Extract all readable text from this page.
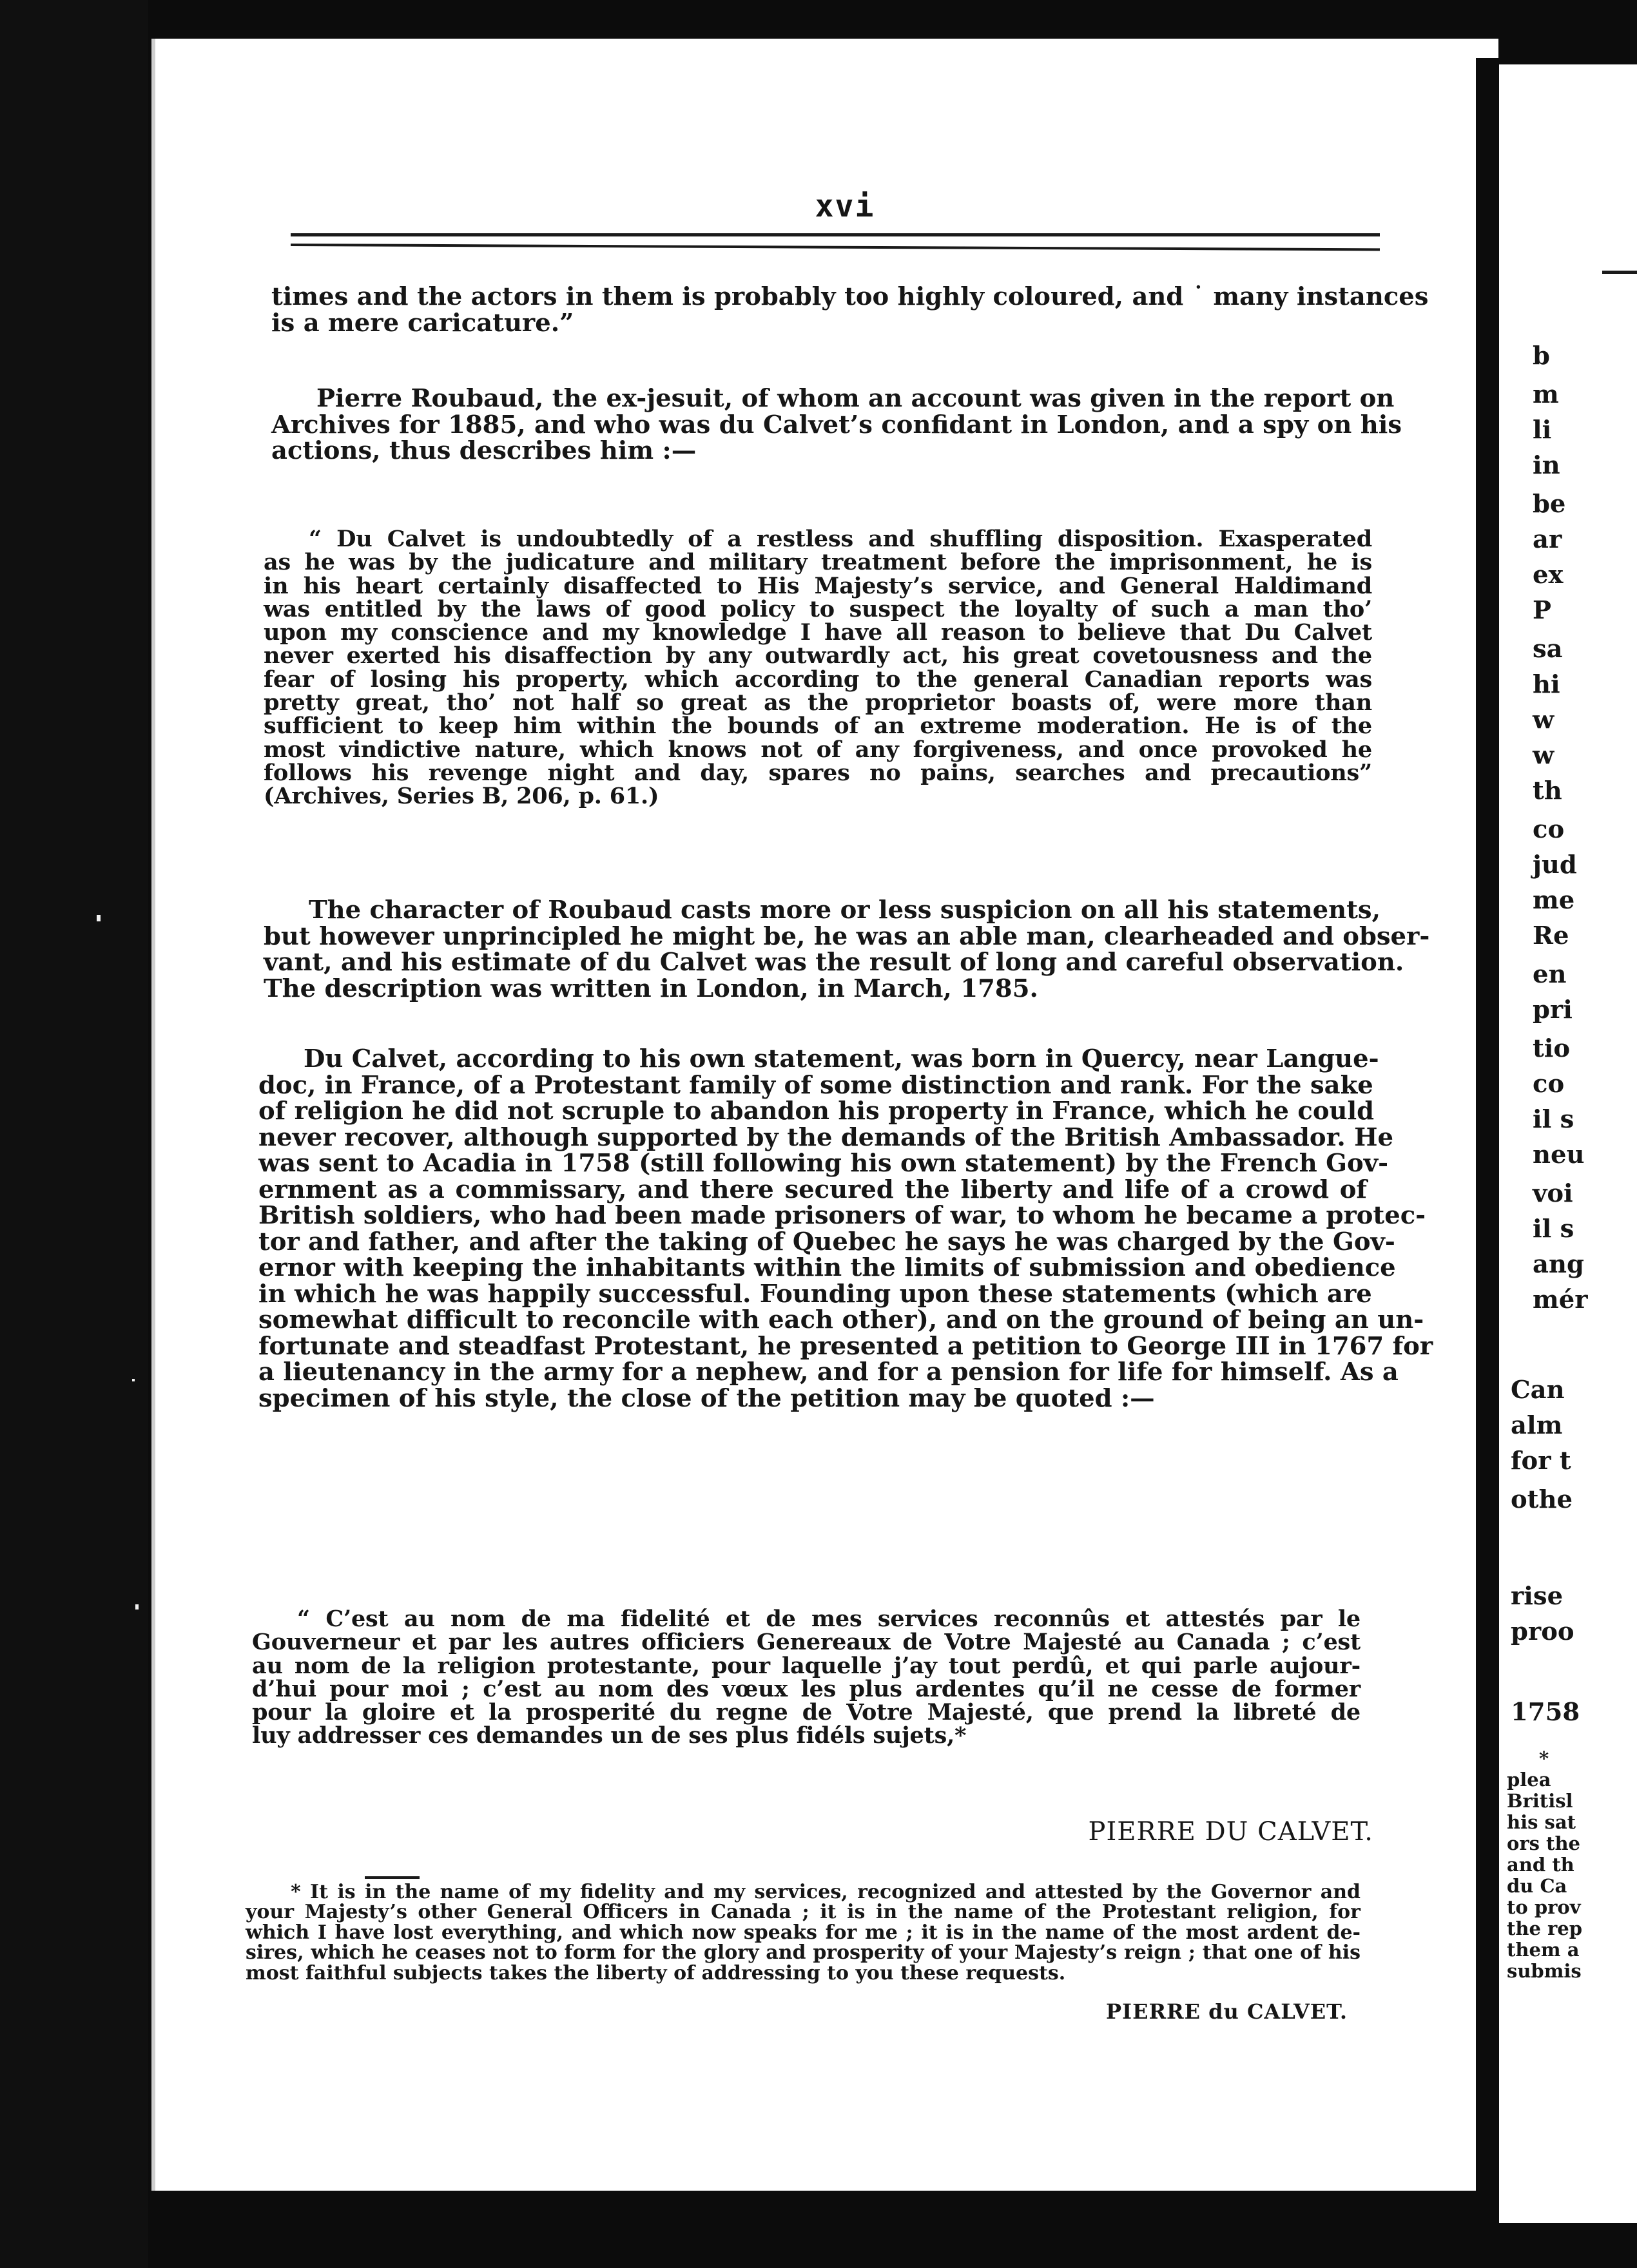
xvi
times and the actors in them is probably too highly coloured, and ˙ many instances
is a mere caricature.”
Pierre Roubaud, the ex-jesuit, of whom an account was given in the report on
Archives for 1885, and who was du Calvet’s confidant in London, and a spy on his
actions, thus describes him :—
“ Du Calvet is undoubtedly of a restless and shuffling disposition. Exasperated
as he was by the judicature and military treatment before the imprisonment, he is
in his heart certainly disaffected to His Majesty’s service, and General Haldimand
was entitled by the laws of good policy to suspect the loyalty of such a man tho’
upon my conscience and my knowledge I have all reason to believe that Du Calvet
never exerted his disaffection by any outwardly act, his great covetousness and the
fear of losing his property, which according to the general Canadian reports was
pretty great, tho’ not half so great as the proprietor boasts of, were more than
sufficient to keep him within the bounds of an extreme moderation. He is of the
most vindictive nature, which knows not of any forgiveness, and once provoked he
follows his revenge night and day, spares no pains, searches and precautions”
(Archives, Series B, 206, p. 61.)
The character of Roubaud casts more or less suspicion on all his statements,
but however unprincipled he might be, he was an able man, clearheaded and obser-
vant, and his estimate of du Calvet was the result of long and careful observation.
The description was written in London, in March, 1785.
Du Calvet, according to his own statement, was born in Quercy, near Langue-
doc, in France, of a Protestant family of some distinction and rank. For the sake
of religion he did not scruple to abandon his property in France, which he could
never recover, although supported by the demands of the British Ambassador. He
was sent to Acadia in 1758 (still following his own statement) by the French Gov-
ernment as a commissary, and there secured the liberty and life of a crowd of
British soldiers, who had been made prisoners of war, to whom he became a protec-
tor and father, and after the taking of Quebec he says he was charged by the Gov-
ernor with keeping the inhabitants within the limits of submission and obedience
in which he was happily successful. Founding upon these statements (which are
somewhat difficult to reconcile with each other), and on the ground of being an un-
fortunate and steadfast Protestant, he presented a petition to George III in 1767 for
a lieutenancy in the army for a nephew, and for a pension for life for himself. As a
specimen of his style, the close of the petition may be quoted :—
“ C’est au nom de ma fidelité et de mes services reconnûs et attestés par le
Gouverneur et par les autres officiers Genereaux de Votre Majesté au Canada ; c’est
au nom de la religion protestante, pour laquelle j’ay tout perdû, et qui parle aujour-
d’hui pour moi ; c’est au nom des vœux les plus ardentes qu’il ne cesse de former
pour la gloire et la prosperité du regne de Votre Majesté, que prend la libreté de
luy addresser ces demandes un de ses plus fidéls sujets,*
PIERRE DU CALVET.
* It is in the name of my fidelity and my services, recognized and attested by the Governor and
your Majesty’s other General Officers in Canada ; it is in the name of the Protestant religion, for
which I have lost everything, and which now speaks for me ; it is in the name of the most ardent de-
sires, which he ceases not to form for the glory and prosperity of your Majesty’s reign ; that one of his
most faithful subjects takes the liberty of addressing to you these requests.
PIERRE du CALVET.
b
m
li
in
be
ar
ex
P
sa
hi
w
w
th
co
jud
me
Re
en
pri
tio
co
il s
neu
voi
il s
ang
mér
Can
alm
for t
othe
rise
proo
1758
*
plea
Britisl
his sat
ors the
and th
du Ca
to prov
the rep
them a
submis
